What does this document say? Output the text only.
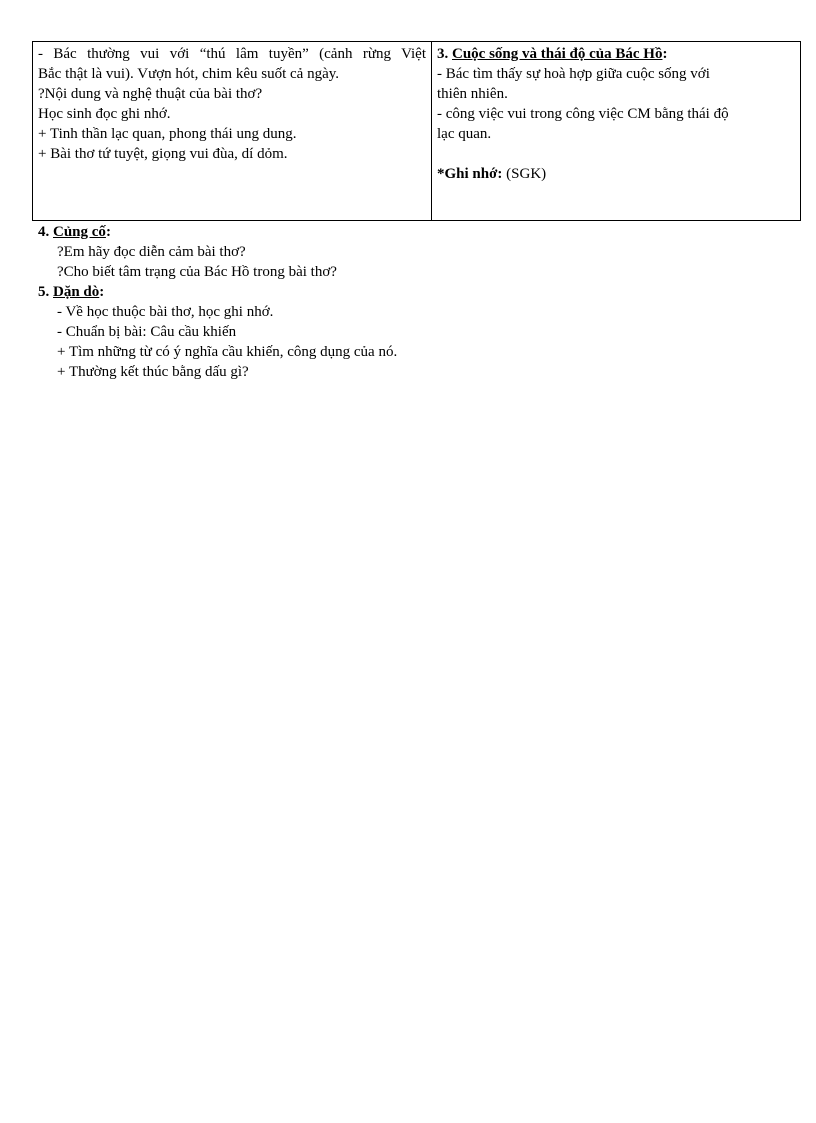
- Bác thường vui với “thú lâm tuyền” (cảnh rừng Việt
Bắc thật là vui). Vượn hót, chim kêu suốt cả ngày.
?Nội dung và nghệ thuật của bài thơ?
Học sinh đọc ghi nhớ.
+ Tinh thần lạc quan, phong thái ung dung.
+ Bài thơ tứ tuyệt, giọng vui đùa, dí dỏm.
3. Cuộc sống và thái độ của Bác Hồ:
- Bác tìm thấy sự hoà hợp giữa cuộc sống với
thiên nhiên.
- công việc vui trong công việc CM bằng thái độ
lạc quan.
*Ghi nhớ: (SGK)
4. Củng cố:
?Em hãy đọc diễn cảm bài thơ?
?Cho biết tâm trạng của Bác Hồ trong bài thơ?
5. Dặn dò:
- Về học thuộc bài thơ, học ghi nhớ.
- Chuẩn bị bài: Câu cầu khiến
+ Tìm những từ có ý nghĩa cầu khiến, công dụng của nó.
+ Thường kết thúc bằng dấu gì?
